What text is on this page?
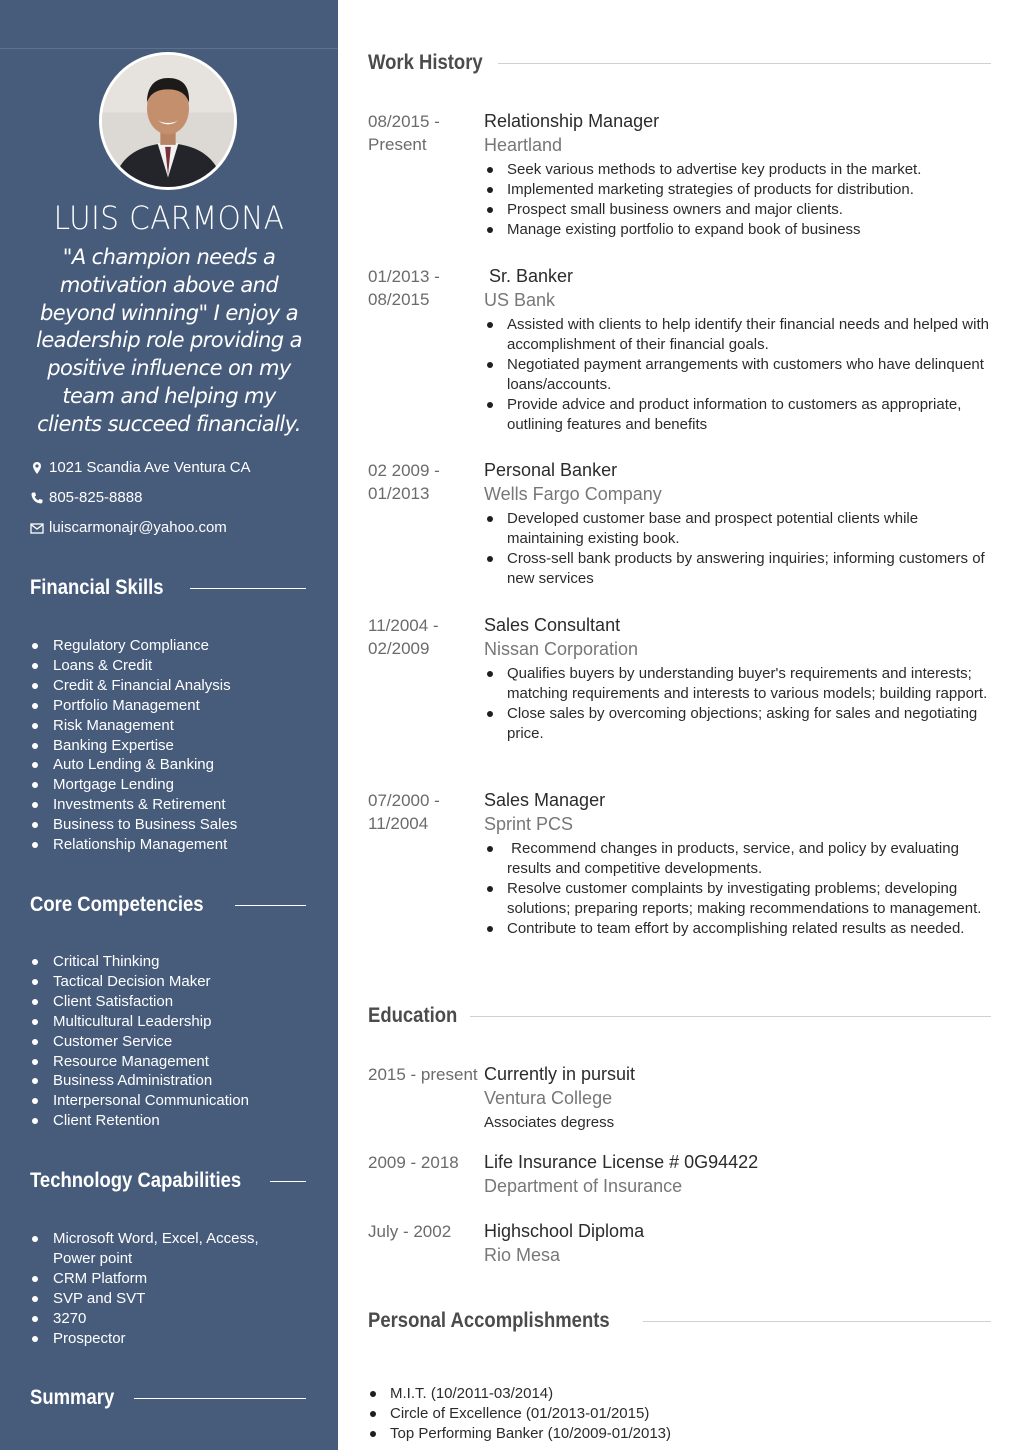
LUIS CARMONA
"A champion needs a motivation above and beyond winning" I enjoy a leadership role providing a positive influence on my team and helping my clients succeed financially.
1021 Scandia Ave Ventura CA
805-825-8888
luiscarmonajr@yahoo.com
Financial Skills
Regulatory Compliance
Loans & Credit
Credit & Financial Analysis
Portfolio Management
Risk Management
Banking Expertise
Auto Lending & Banking
Mortgage Lending
Investments & Retirement
Business to Business Sales
Relationship Management
Core Competencies
Critical Thinking
Tactical Decision Maker
Client Satisfaction
Multicultural Leadership
Customer Service
Resource Management
Business Administration
Interpersonal Communication
Client Retention
Technology Capabilities
Microsoft Word, Excel, Access, Power point
CRM Platform
SVP and SVT
3270
Prospector
Summary
Work History
08/2015 - Present
Relationship Manager
Heartland
Seek various methods to advertise key products in the market.
Implemented marketing strategies of products for distribution.
Prospect small business owners and major clients.
Manage existing portfolio to expand book of business
01/2013 - 08/2015
Sr. Banker
US Bank
Assisted with clients to help identify their financial needs and helped with accomplishment of their financial goals.
Negotiated payment arrangements with customers who have delinquent loans/accounts.
Provide advice and product information to customers as appropriate, outlining features and benefits
02 2009 - 01/2013
Personal Banker
Wells Fargo Company
Developed customer base and prospect potential clients while maintaining existing book.
Cross-sell bank products by answering inquiries; informing customers of new services
11/2004 - 02/2009
Sales Consultant
Nissan Corporation
Qualifies buyers by understanding buyer's requirements and interests; matching requirements and interests to various models; building rapport.
Close sales by overcoming objections; asking for sales and negotiating price.
07/2000 - 11/2004
Sales Manager
Sprint PCS
Recommend changes in products, service, and policy by evaluating results and competitive developments.
Resolve customer complaints by investigating problems; developing solutions; preparing reports; making recommendations to management.
Contribute to team effort by accomplishing related results as needed.
Education
2015 - present Currently in pursuit
Ventura College
Associates degress
2009 - 2018	Life Insurance License # 0G94422
Department of Insurance
July - 2002	Highschool Diploma
Rio Mesa
Personal Accomplishments
M.I.T. (10/2011-03/2014)
Circle of Excellence (01/2013-01/2015)
Top Performing Banker (10/2009-01/2013)
